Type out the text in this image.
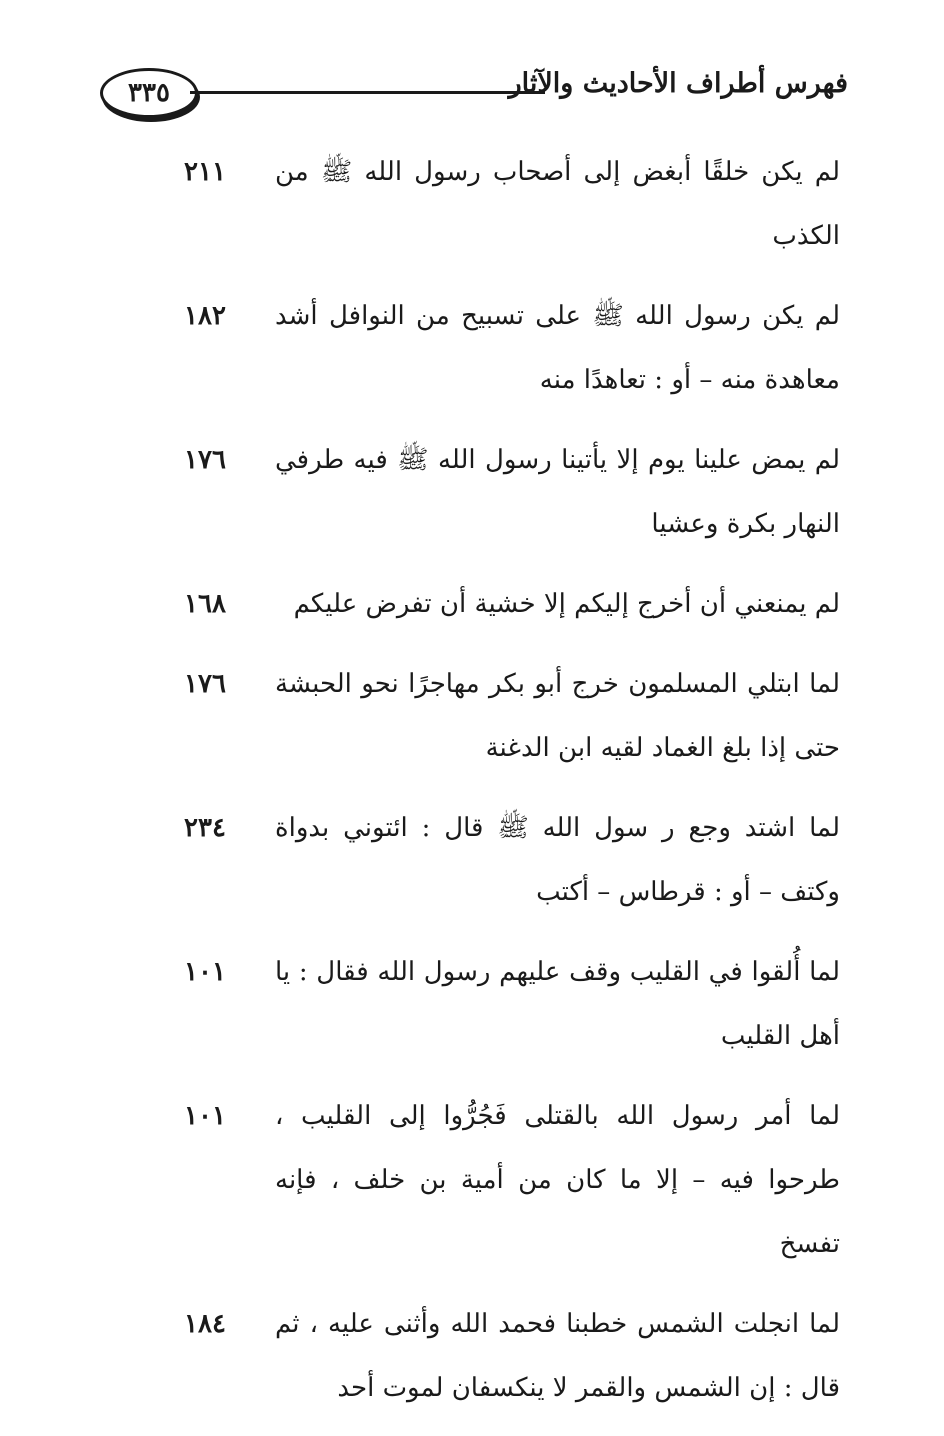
٣٣٥	فهرس أطراف الأحاديث والآثار
لم يكن خلقًا أبغض إلى أصحاب رسول الله ﷺ من الكذب
٢١١
لم يكن رسول الله ﷺ على تسبيح من النوافل أشد معاهدة منه – أو : تعاهدًا منه
١٨٢
لم يمض علينا يوم إلا يأتينا رسول الله ﷺ فيه طرفي النهار بكرة وعشيا
١٧٦
لم يمنعني أن أخرج إليكم إلا خشية أن تفرض عليكم
١٦٨
لما ابتلي المسلمون خرج أبو بكر مهاجرًا نحو الحبشة حتى إذا بلغ الغماد لقيه ابن الدغنة
١٧٦
لما اشتد وجع ر سول الله ﷺ قال : ائتوني بدواة وكتف – أو : قرطاس – أكتب
٢٣٤
لما أُلقوا في القليب وقف عليهم رسول الله فقال : يا أهل القليب
١٠١
لما أمر رسول الله بالقتلى فَجُرُّوا إلى القليب ، طرحوا فيه – إلا ما كان من أمية بن خلف ، فإنه تفسخ
١٠١
لما انجلت الشمس خطبنا فحمد الله وأثنى عليه ، ثم قال : إن الشمس والقمر لا ينكسفان لموت أحد
١٨٤
